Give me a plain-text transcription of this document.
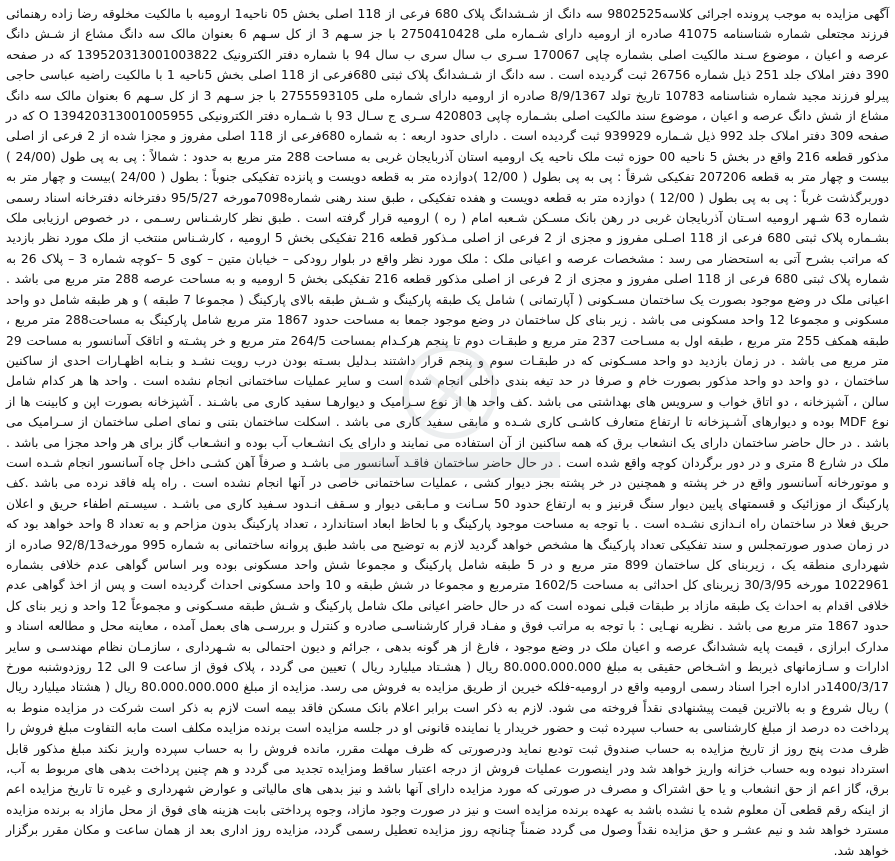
آگهی مزایده به موجب پرونده اجرائی کلاسه9802525 سه دانگ از شـشدانگ پلاک 680 فرعی از 118 اصلی بخش 05 ناحیه1 ارومیه با مالکیت مخلوقه رضا زاده رهنمائی فرزند مجتعلی شماره شناسنامه 41075 صادره از ارومیه دارای شـماره ملی 2750410428 با جز سـهم 3 از کل سـهم 6 بعنوان مالک سه دانگ مشاع از شـش دانگ عرصه و اعیان ، موضوع سـند مالکیت اصلی بشماره چاپی 170067 سـری ب سال سری ب سال 94 با شماره دفتر الکترونیک 139520313001003822 که در صفحه 390 دفتر املاک جلد 251 ذیل شماره 26756 ثبت گردیده است . سه دانگ از شـشدانگ پلاک ثبتی 680فرعی از 118 اصلی بخش 5ناحیه 1 با مالکیت راضیه عباسی حاجی پیرلو فرزند مجید شماره شناسنامه 10783 تاریخ تولد 8/9/1367 صادره از ارومیه دارای شماره ملی 2755593105 با جز سـهم 3 از کل سـهم 6 بعنوان مالک سه دانگ مشاع از شش دانگ عرصه و اعیان ، موضوع سند مالکیت اصلی بشـماره چاپی 420803 سـری ج سـال 93 با شـماره دفتر الکترونیکی 139420313001005955 O که در صفحه 309 دفتر املاک جلد 992 ذیل شـماره 939929 ثبت گردیده است . دارای حدود اربعه : به شماره 680فرعی از 118 اصلی مفروز و مجزا شده از 2 فرعی از اصلی مذکور قطعه 216 واقع در بخش 5 ناحیه 00 حوزه ثبت ملک ناحیه یک ارومیه استان آذربایجان غربی به مساحت 288 متر مربع به حدود : شمالاً : پی به پی طول (24/00 ) بیست و چهار متر به قطعه 207206 تفکیکی شرقاً : پی به پی بطول ( 12/00 )دوازده متر به قطعه دویست و پانزده تفکیکی جنوباً : بطول ( 24/00 )بیست و چهار متر به دوربرگذشت غرباً : پی به پی بطول ( 12/00 ) دوازده متر به قطعه دویست و هفده تفکیکی ، طبق سند رهنی شماره7098مورخه 95/5/27 دفترخانه دفترخانه اسناد رسمی شماره 63 شـهر ارومیه اسـتان آذربایجان غربی در رهن بانک مسـکن شـعبه امام ( ره ) ارومیه قرار گرفته است . طبق نظر کارشـناس رسـمی ، در خصوص ارزیابی ملک بشـماره پلاک ثبتی 680 فرعی از 118 اصـلی مفروز و مجزی از 2 فرعی از اصلی مـذکور قطعه 216 تفکیکی بخش 5 ارومیه ، کارشـناس منتخب از ملک مورد نظر بازدید که مراتب بشرح آتی به استحضار می رسد : مشخصات عرصه و اعیانی ملک : ملک مورد نظر واقع در بلوار رودکی – خیابان متین – کوی 5 –کوچه شماره 3 – پلاک 26 به شماره پلاک ثبتی 680 فرعی از 118 اصلی مفروز و مجزی از 2 فرعی از اصلی مذکور قطعه 216 تفکیکی بخش 5 ارومیه و به مساحت عرصه 288 متر مربع می باشد . اعیانی ملک در وضع موجود بصورت یک ساختمان مسـکونی ( آپارتمانی ) شامل یک طبقه پارکینگ و شـش طبقه بالای پارکینگ ( مجموعا 7 طبقه ) و هر طبقه شامل دو واحد مسکونی و مجموعا 12 واحد مسکونی می باشد . زیر بنای کل ساختمان در وضع موجود جمعا به مساحت حدود 1867 متر مربع شامل پارکینگ به مساحت288 متر مربع ، طبقه همکف 255 متر مربع ، طبقه اول به مسـاحت 237 متر مربع و طبقـات دوم تا پنجم هرکـدام بمساحت 264/5 متر مربع و خر پشـته و اتاقک آسانسور به مساحت 29 متر مربع می باشد . در زمان بازدید دو واحد مسـکونی که در طبقـات سوم و پنجم قرار داشتند بـدلیل بسـته بودن درب رویت نشـد و بنـابه اظهـارات احدی از ساکنین ساختمان ، دو واحد دو واحد مذکور بصورت خام و صرفا در حد تیغه بندی داخلی انجام شده است و سایر عملیات ساختمانی انجام نشده است . واحد ها هر کدام شامل سالن ، آشپزخانه ، دو اتاق خواب و سرویس های بهداشتی می باشد .کف واحد ها از نوع سـرامیک و دیوارهـا سفید کاری می باشـند . آشپزخانه بصورت اپن و کابینت ها از نوع MDF بوده و دیوارهای آشـپزخانه تا ارتفاع متعارف کاشـی کاری شـده و مابقی سفید کاری می باشد . اسکلت ساختمان بتنی و نمای اصلی ساختمان از سـرامیک می باشد . در حال حاضر ساختمان دارای یک انشعاب برق که همه ساکنین از آن استفاده می نمایند و دارای یک انشـعاب آب بوده و انشـعاب گاز برای هر واحد مجزا می باشد . ملک در شارع 8 متری و در دور برگردان کوچه واقع شده است . در حال حاضر ساختمان فاقـد آسانسور می باشـد و صرفاً آهن کشـی داخل چاه آسانسور انجام شـده است و موتورخانه آسانسور واقع در خر پشته و همچنین در خر پشته بجز دیوار کشی ، عملیات ساختمانی خاصی در آنها انجام نشده است . راه پله فاقد نرده می باشد .کف پارکینگ از موزائیک و قسمتهای پایین دیوار سنگ قرنیز و به ارتفاع حدود 50 سـانت و مـابقی دیوار و سـقف انـدود سـفید کاری می باشـد . سیسـتم اطفاء حریق و اعلان حریق فعلا در ساختمان راه انـدازی نشـده است . با توجه به مساحت موجود پارکینگ و با لحاظ ابعاد استاندارد ، تعداد پارکینگ بدون مزاحم و به تعداد 8 واحد خواهد بود که در زمان صدور صورتمجلس و سند تفکیکی تعداد پارکینگ ها مشخص خواهد گردید لازم به توضیح می باشد طبق پروانه ساختمانی به شماره 995 مورخه92/8/13 صادره از شهرداری منطقه یک ، زیربنای کل ساختمان 899 متر مربع و در 5 طبقه شامل پارکینگ و مجموعا شش واحد مسکونی بوده وبر اساس گواهی عدم خلافی بشماره 1022961 مورخه 30/3/95 زیربنای کل احداثی به مساحت 1602/5 مترمربع و مجموعا در شش طبقه و 10 واحد مسکونی احداث گردیده است و پس از اخذ گواهی عدم خلافی اقدام به احداث یک طبقه مازاد بر طبقات قبلی نموده است که در حال حاضر اعیانی ملک شامل پارکینگ و شـش طبقه مسـکونی و مجموعاً 12 واحد و زیر بنای کل حدود 1867 متر مربع می باشد . نظریه نهـایی : با توجه به مراتب فوق و مفـاد قرار کارشناسـی صادره و کنترل و بررسـی های بعمل آمده ، معاینه محل و مطالعه اسناد و مدارک ابرازی ، قیمت پایه ششدانگ عرصه و اعیان ملک در وضع موجود ، فارغ از هر گونه بدهی ، جرائم و دیون احتمالی به شـهرداری ، سازمـان نظام مهندسـی و سایر ادارات و سـازمانهای ذیربط و اشـخاص حقیقی به مبلغ 80.000.000.000 ریال ( هشـتاد میلیارد ریال ) تعیین می گردد ، پلاک فوق از ساعت 9 الی 12 روزدوشنبه مورخ 1400/3/17در اداره اجرا اسناد رسمی ارومیه واقع در ارومیه-فلکه خیرین از طریق مزایده به فروش می رسد. مزایده از مبلغ 80.000.000.000 ریال ( هشتاد میلیارد ریال ) ریال شروع و به بالاترین قیمت پیشنهادی نقداً فروخته می شود. لازم به ذکر است برابر اعلام بانک مسکن فاقد بیمه است لازم به ذکر است شرکت در مزایده منوط به پرداخت ده درصد از مبلغ کارشناسی به حساب سپرده ثبت و حضور خریدار یا نماینده قانونی او در جلسه مزایده است برنده مزایده مکلف است مابه التفاوت مبلغ فروش را ظرف مدت پنج روز از تاریخ مزایده به حساب صندوق ثبت تودیع نماید ودرصورتی که ظرف مهلت مقرر، مانده فروش را به حساب سپرده واریز نکند مبلغ مذکور قابل استرداد نبوده وبه حساب خزانه واریز خواهد شد ودر اینصورت عملیات فروش از درجه اعتبار ساقط ومزایده تجدید می گردد و هم چنین پرداخت بدهی های مربوط به آب، برق، گاز اعم از حق انشعاب و یا حق اشتراک و مصرف در صورتی که مورد مزایده دارای آنها باشد و نیز بدهی های مالیاتی و عوارض شهرداری و غیره تا تاریخ مزایده اعم از اینکه رقم قطعی آن معلوم شده یا نشده باشد به عهده برنده مزایده است و نیز در صورت وجود مازاد، وجوه پرداختی بابت هزینه های فوق از محل مازاد به برنده مزایده مسترد خواهد شد و نیم عشـر و حق مزایده نقداً وصول می گردد ضمناً چنانچه روز مزایده تعطیل رسمی گردد، مزایده روز اداری بعد از همان ساعت و مکان مقرر برگزار خواهد شد.
